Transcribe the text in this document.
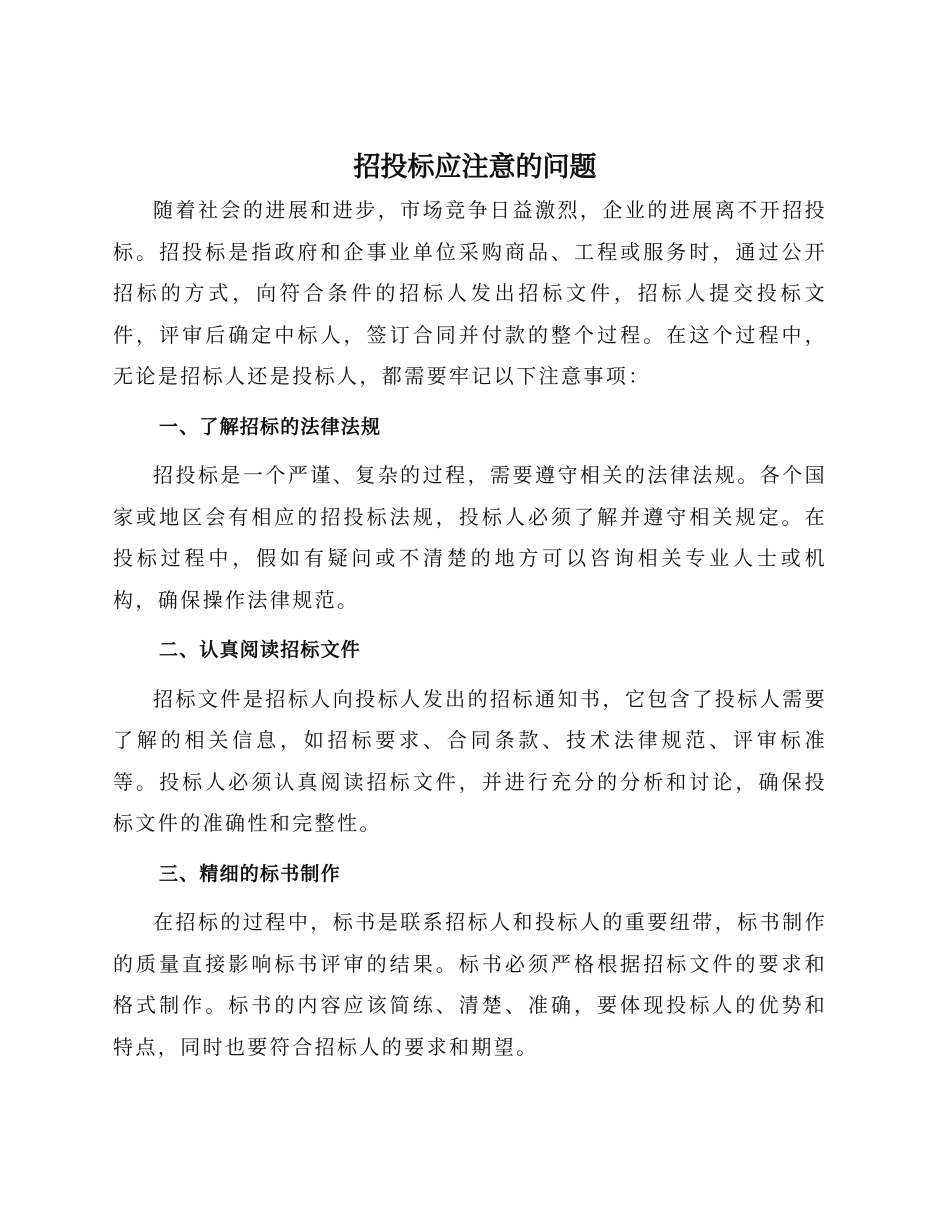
招投标应注意的问题

随着社会的进展和进步，市场竞争日益激烈，企业的进展离不开招投标。招投标是指政府和企事业单位采购商品、工程或服务时，通过公开招标的方式，向符合条件的招标人发出招标文件，招标人提交投标文件，评审后确定中标人，签订合同并付款的整个过程。在这个过程中，无论是招标人还是投标人，都需要牢记以下注意事项：

一、了解招标的法律法规

招投标是一个严谨、复杂的过程，需要遵守相关的法律法规。各个国家或地区会有相应的招投标法规，投标人必须了解并遵守相关规定。在投标过程中，假如有疑问或不清楚的地方可以咨询相关专业人士或机构，确保操作法律规范。

二、认真阅读招标文件

招标文件是招标人向投标人发出的招标通知书，它包含了投标人需要了解的相关信息，如招标要求、合同条款、技术法律规范、评审标准等。投标人必须认真阅读招标文件，并进行充分的分析和讨论，确保投标文件的准确性和完整性。

三、精细的标书制作

在招标的过程中，标书是联系招标人和投标人的重要纽带，标书制作的质量直接影响标书评审的结果。标书必须严格根据招标文件的要求和格式制作。标书的内容应该简练、清楚、准确，要体现投标人的优势和特点，同时也要符合招标人的要求和期望。
